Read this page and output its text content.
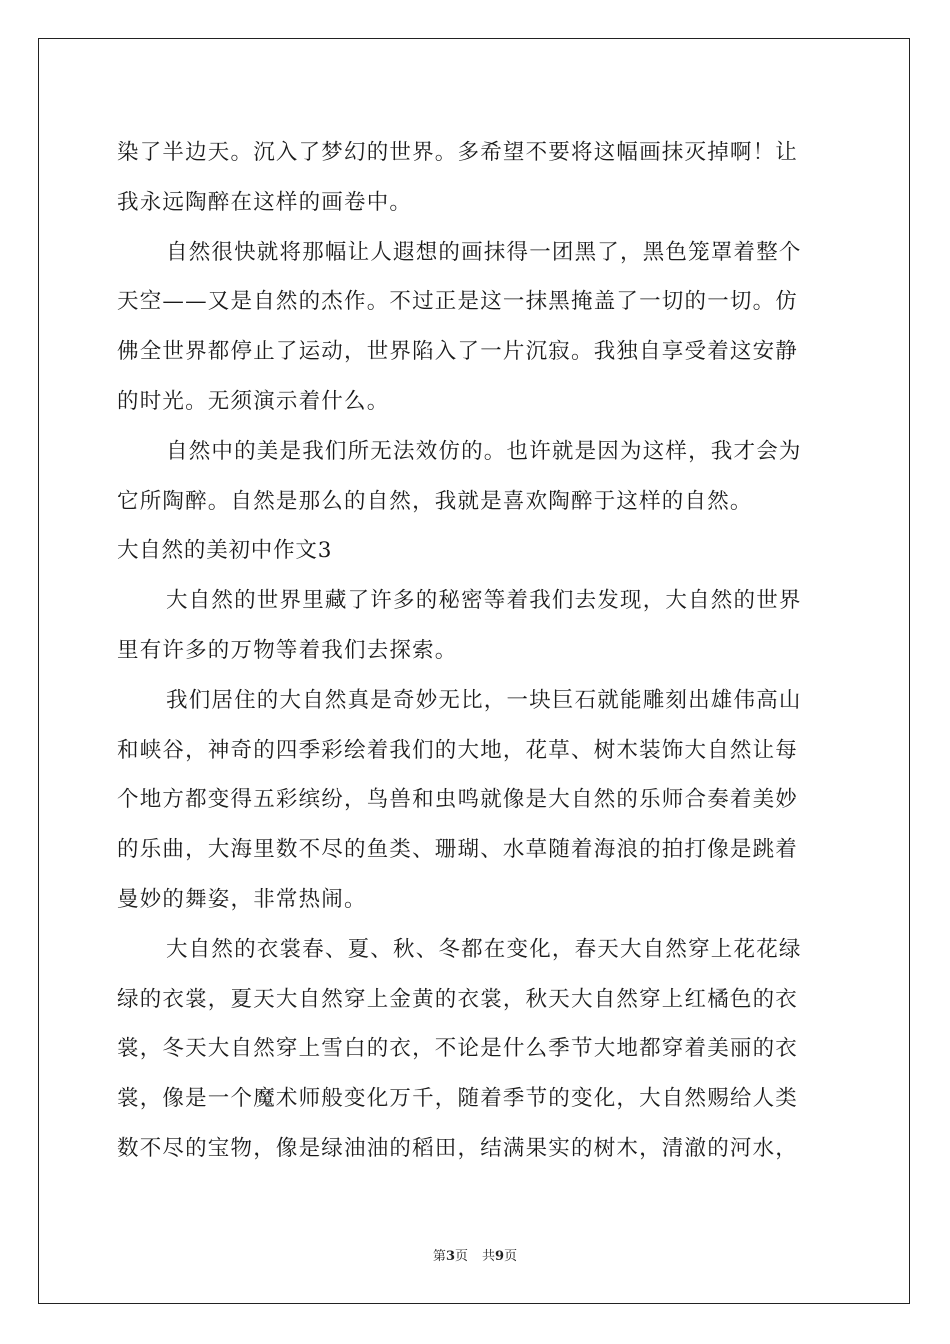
染了半边天。沉入了梦幻的世界。多希望不要将这幅画抹灭掉啊！让
我永远陶醉在这样的画卷中。
自然很快就将那幅让人遐想的画抹得一团黑了，黑色笼罩着整个
天空——又是自然的杰作。不过正是这一抹黑掩盖了一切的一切。仿
佛全世界都停止了运动，世界陷入了一片沉寂。我独自享受着这安静
的时光。无须演示着什么。
自然中的美是我们所无法效仿的。也许就是因为这样，我才会为
它所陶醉。自然是那么的自然，我就是喜欢陶醉于这样的自然。
大自然的美初中作文3
大自然的世界里藏了许多的秘密等着我们去发现，大自然的世界
里有许多的万物等着我们去探索。
我们居住的大自然真是奇妙无比，一块巨石就能雕刻出雄伟高山
和峡谷，神奇的四季彩绘着我们的大地，花草、树木装饰大自然让每
个地方都变得五彩缤纷，鸟兽和虫鸣就像是大自然的乐师合奏着美妙
的乐曲，大海里数不尽的鱼类、珊瑚、水草随着海浪的拍打像是跳着
曼妙的舞姿，非常热闹。
大自然的衣裳春、夏、秋、冬都在变化，春天大自然穿上花花绿
绿的衣裳，夏天大自然穿上金黄的衣裳，秋天大自然穿上红橘色的衣
裳，冬天大自然穿上雪白的衣，不论是什么季节大地都穿着美丽的衣
裳，像是一个魔术师般变化万千，随着季节的变化，大自然赐给人类
数不尽的宝物，像是绿油油的稻田，结满果实的树木，清澈的河水，
第3页 共9页
